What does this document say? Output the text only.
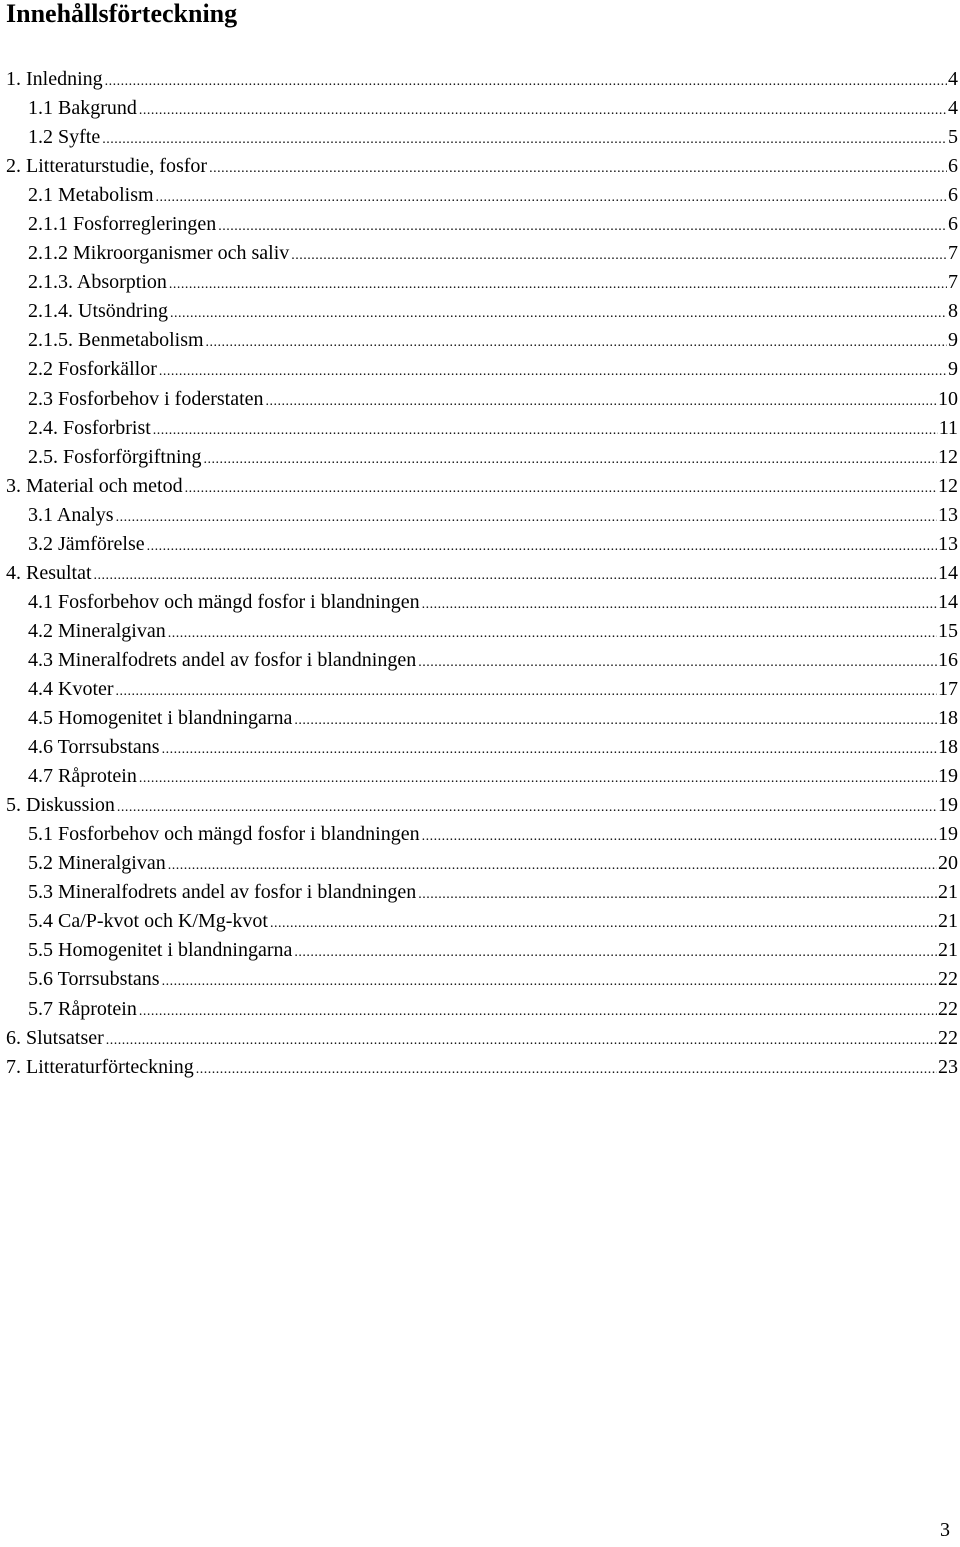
Innehållsförteckning
1. Inledning .....	4
1.1 Bakgrund .....	4
1.2 Syfte .....	5
2. Litteraturstudie, fosfor .....	6
2.1 Metabolism .....	6
2.1.1 Fosforregleringen .....	6
2.1.2 Mikroorganismer och saliv .....	7
2.1.3. Absorption .....	7
2.1.4. Utsöndring .....	8
2.1.5. Benmetabolism .....	9
2.2 Fosforkällor .....	9
2.3 Fosforbehov i foderstaten .....	10
2.4. Fosforbrist .....	11
2.5. Fosforförgiftning .....	12
3. Material och metod .....	12
3.1 Analys .....	13
3.2 Jämförelse .....	13
4. Resultat .....	14
4.1 Fosforbehov och mängd fosfor i blandningen .....	14
4.2 Mineralgivan .....	15
4.3 Mineralfodrets andel av fosfor i blandningen .....	16
4.4 Kvoter .....	17
4.5 Homogenitet i blandningarna .....	18
4.6 Torrsubstans .....	18
4.7 Råprotein .....	19
5. Diskussion .....	19
5.1 Fosforbehov och mängd fosfor i blandningen .....	19
5.2 Mineralgivan .....	20
5.3 Mineralfodrets andel av fosfor i blandningen .....	21
5.4 Ca/P-kvot och K/Mg-kvot .....	21
5.5 Homogenitet i blandningarna .....	21
5.6 Torrsubstans .....	22
5.7 Råprotein .....	22
6. Slutsatser .....	22
7. Litteraturförteckning .....	23
3
